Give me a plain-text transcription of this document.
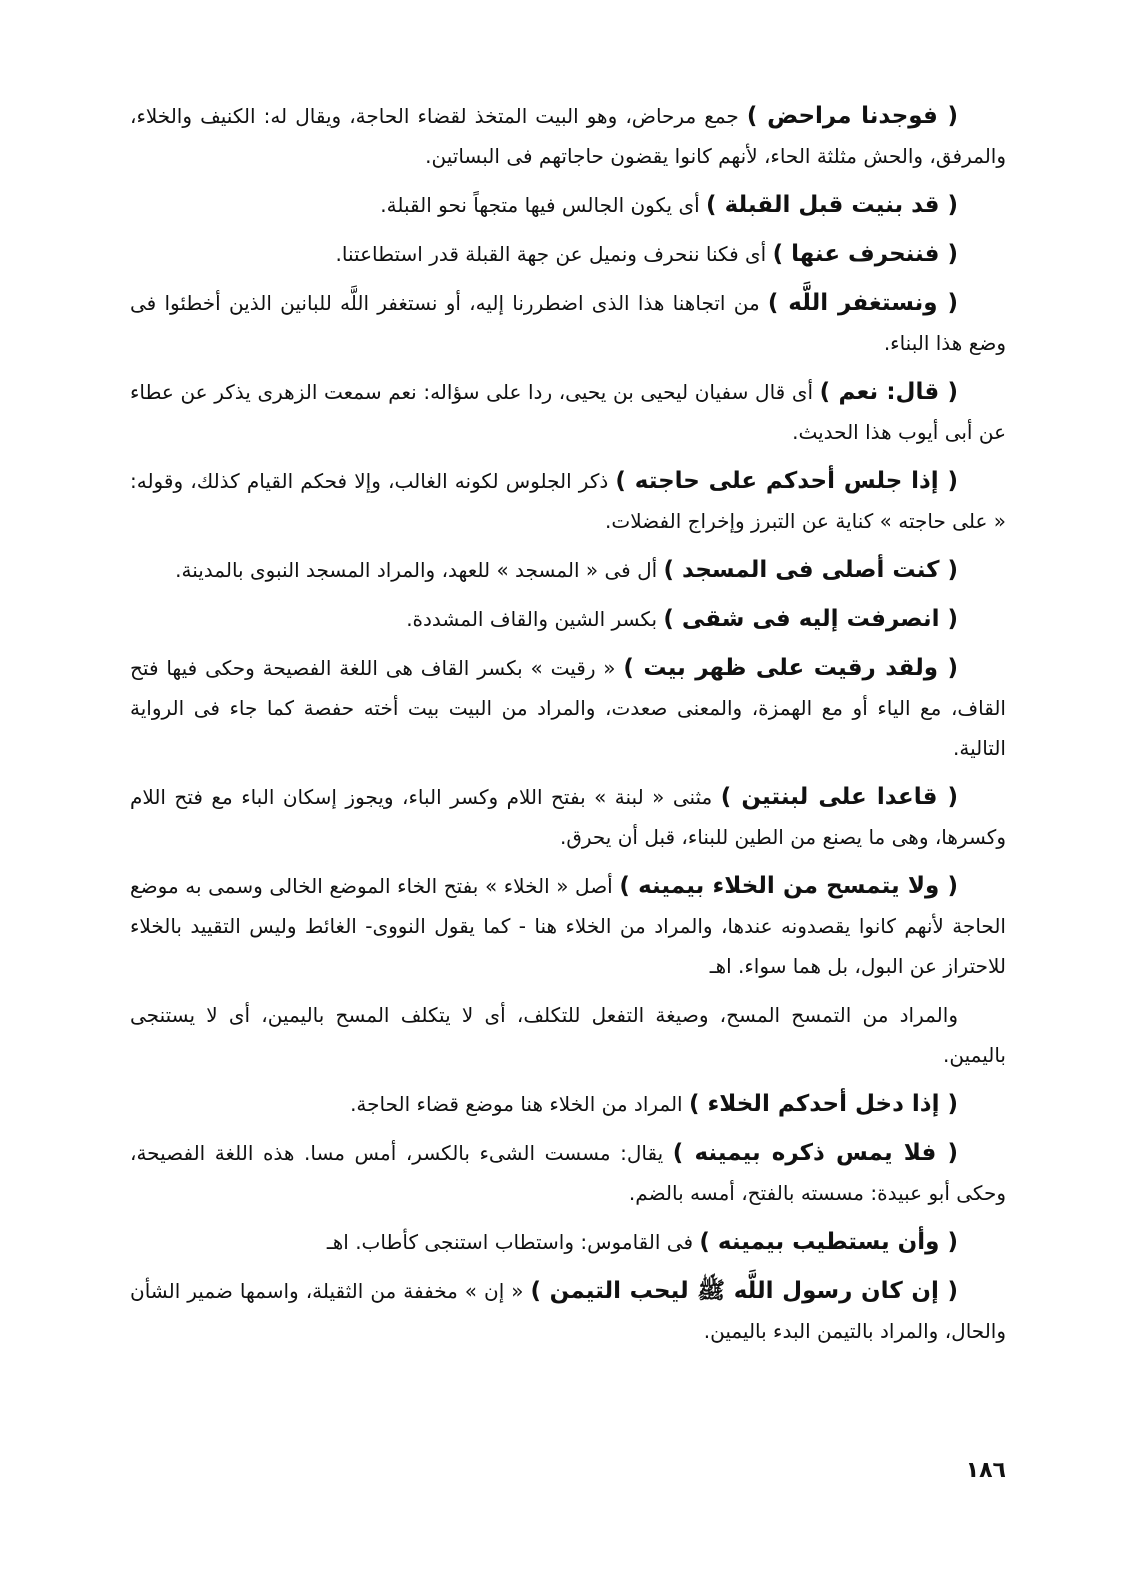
( فوجدنا مراحض ) جمع مرحاض، وهو البيت المتخذ لقضاء الحاجة، ويقال له: الكنيف والخلاء، والمرفق، والحش مثلثة الحاء، لأنهم كانوا يقضون حاجاتهم فى البساتين.

( قد بنيت قبل القبلة ) أى يكون الجالس فيها متجهاً نحو القبلة.

( فننحرف عنها ) أى فكنا ننحرف ونميل عن جهة القبلة قدر استطاعتنا.

( ونستغفر اللَّه ) من اتجاهنا هذا الذى اضطررنا إليه، أو نستغفر اللَّه للبانين الذين أخطئوا فى وضع هذا البناء.

( قال: نعم ) أى قال سفيان ليحيى بن يحيى، ردا على سؤاله: نعم سمعت الزهرى يذكر عن عطاء عن أبى أيوب هذا الحديث.

( إذا جلس أحدكم على حاجته ) ذكر الجلوس لكونه الغالب، وإلا فحكم القيام كذلك، وقوله: « على حاجته » كناية عن التبرز وإخراج الفضلات.

( كنت أصلى فى المسجد ) أل فى « المسجد » للعهد، والمراد المسجد النبوى بالمدينة.

( انصرفت إليه فى شقى ) بكسر الشين والقاف المشددة.

( ولقد رقيت على ظهر بيت ) « رقيت » بكسر القاف هى اللغة الفصيحة وحكى فيها فتح القاف، مع الياء أو مع الهمزة، والمعنى صعدت، والمراد من البيت بيت أخته حفصة كما جاء فى الرواية التالية.

( قاعدا على لبنتين ) مثنى « لبنة » بفتح اللام وكسر الباء، ويجوز إسكان الباء مع فتح اللام وكسرها، وهى ما يصنع من الطين للبناء، قبل أن يحرق.

( ولا يتمسح من الخلاء بيمينه ) أصل « الخلاء » بفتح الخاء الموضع الخالى وسمى به موضع الحاجة لأنهم كانوا يقصدونه عندها، والمراد من الخلاء هنا - كما يقول النووى- الغائط وليس التقييد بالخلاء للاحتراز عن البول، بل هما سواء. اهـ

والمراد من التمسح المسح، وصيغة التفعل للتكلف، أى لا يتكلف المسح باليمين، أى لا يستنجى باليمين.

( إذا دخل أحدكم الخلاء ) المراد من الخلاء هنا موضع قضاء الحاجة.

( فلا يمس ذكره بيمينه ) يقال: مسست الشىء بالكسر، أمس مسا. هذه اللغة الفصيحة، وحكى أبو عبيدة: مسسته بالفتح، أمسه بالضم.

( وأن يستطيب بيمينه ) فى القاموس: واستطاب استنجى كأطاب. اهـ

( إن كان رسول اللَّه ﷺ ليحب التيمن ) « إن » مخففة من الثقيلة، واسمها ضمير الشأن والحال، والمراد بالتيمن البدء باليمين.

١٨٦
